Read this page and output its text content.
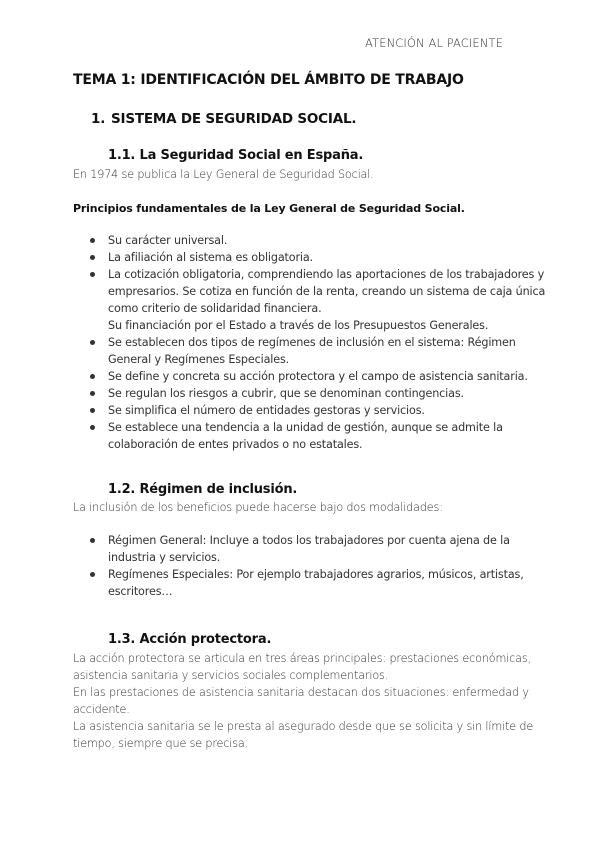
ATENCIÓN AL PACIENTE
TEMA 1: IDENTIFICACIÓN DEL ÁMBITO DE TRABAJO
1. SISTEMA DE SEGURIDAD SOCIAL.
1.1. La Seguridad Social en España.
En 1974 se publica la Ley General de Seguridad Social.
Principios fundamentales de la Ley General de Seguridad Social.
Su carácter universal.
La afiliación al sistema es obligatoria.
La cotización obligatoria, comprendiendo las aportaciones de los trabajadores y
empresarios. Se cotiza en función de la renta, creando un sistema de caja única
como criterio de solidaridad financiera.
Su financiación por el Estado a través de los Presupuestos Generales.
Se establecen dos tipos de regímenes de inclusión en el sistema: Régimen
General y Regímenes Especiales.
Se define y concreta su acción protectora y el campo de asistencia sanitaria.
Se regulan los riesgos a cubrir, que se denominan contingencias.
Se simplifica el número de entidades gestoras y servicios.
Se establece una tendencia a la unidad de gestión, aunque se admite la
colaboración de entes privados o no estatales.
1.2. Régimen de inclusión.
La inclusión de los beneficios puede hacerse bajo dos modalidades:
Régimen General: Incluye a todos los trabajadores por cuenta ajena de la
industria y servicios.
Regímenes Especiales: Por ejemplo trabajadores agrarios, músicos, artistas,
escritores…
1.3. Acción protectora.
La acción protectora se articula en tres áreas principales: prestaciones económicas,
asistencia sanitaria y servicios sociales complementarios.
En las prestaciones de asistencia sanitaria destacan dos situaciones: enfermedad y
accidente.
La asistencia sanitaria se le presta al asegurado desde que se solicita y sin límite de
tiempo, siempre que se precisa.
